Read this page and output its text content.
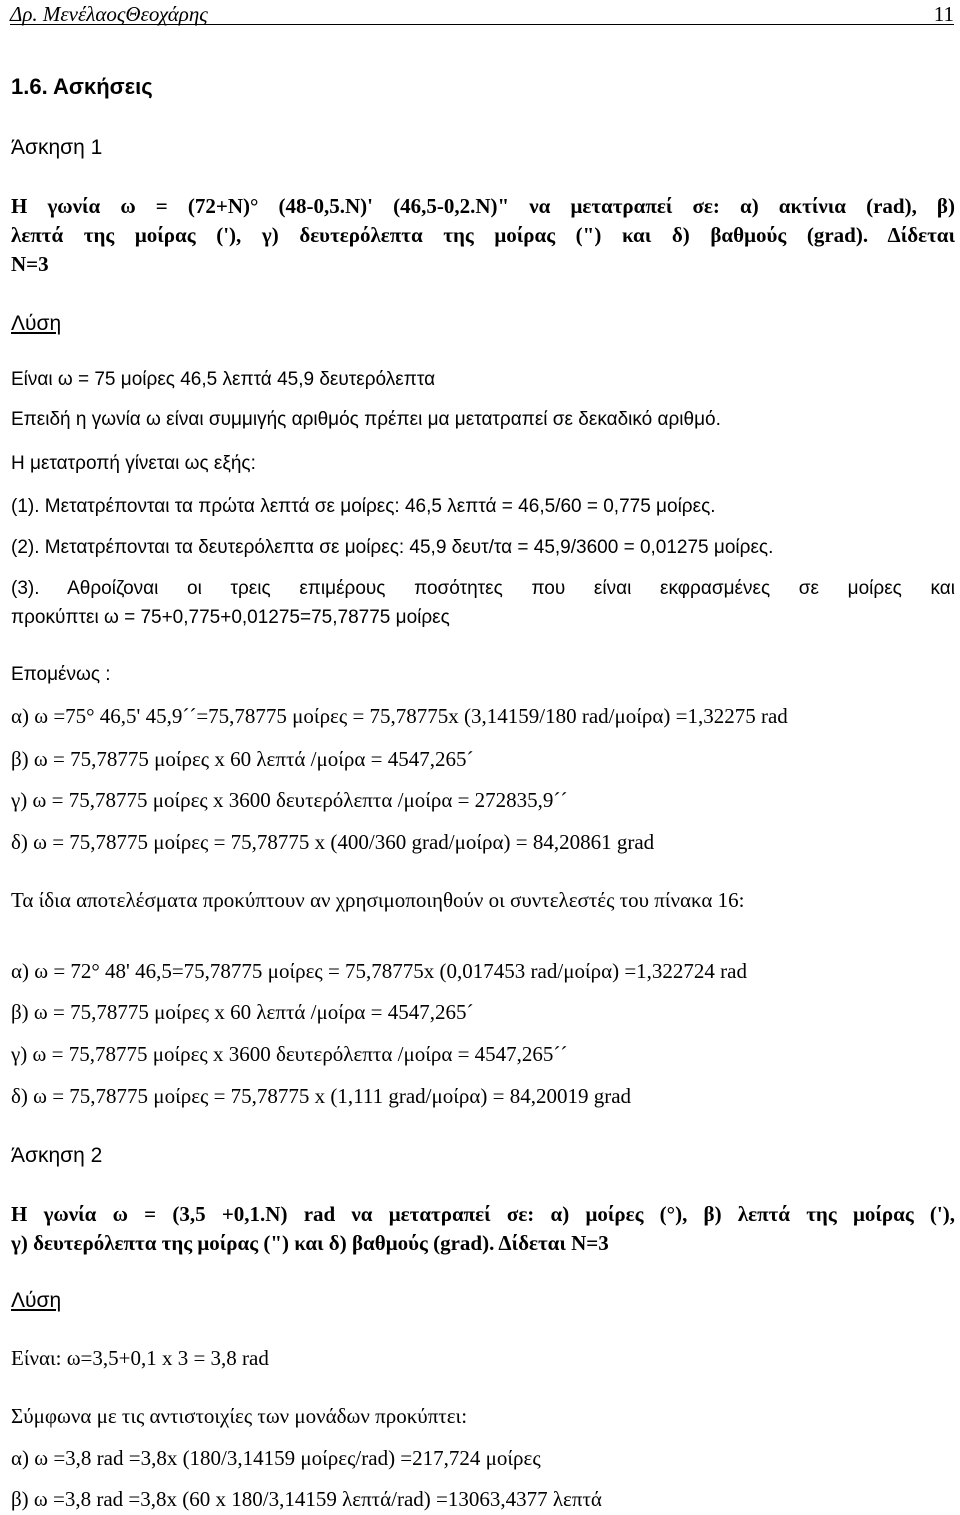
Δρ. ΜενέλαοςΘεοχάρης	11
1.6. Ασκήσεις
Άσκηση 1
Η γωνία ω = (72+Ν)° (48-0,5.Ν)' (46,5-0,2.Ν)" να μετατραπεί σε: α) ακτίνια (rad), β)
λεπτά της μοίρας ('), γ) δευτερόλεπτα της μοίρας (") και δ) βαθμούς (grad). Δίδεται
Ν=3
Λύση
Είναι ω = 75 μοίρες 46,5 λεπτά 45,9 δευτερόλεπτα
Επειδή η γωνία ω είναι συμμιγής αριθμός πρέπει μα μετατραπεί σε δεκαδικό αριθμό.
Η μετατροπή γίνεται ως εξής:
(1). Μετατρέπονται τα πρώτα λεπτά σε μοίρες: 46,5 λεπτά = 46,5/60 = 0,775 μοίρες.
(2). Μετατρέπονται τα δευτερόλεπτα σε μοίρες: 45,9 δευτ/τα = 45,9/3600 = 0,01275 μοίρες.
(3). Αθροίζοναι οι τρεις επιμέρους ποσότητες που είναι εκφρασμένες σε μοίρες και
προκύπτει ω = 75+0,775+0,01275=75,78775 μοίρες
Επομένως :
α) ω =75° 46,5' 45,9´´=75,78775 μοίρες = 75,78775x (3,14159/180 rad/μοίρα) =1,32275 rad
β) ω = 75,78775 μοίρες x 60 λεπτά /μοίρα = 4547,265´
γ) ω = 75,78775 μοίρες x 3600 δευτερόλεπτα /μοίρα = 272835,9´´
δ) ω = 75,78775 μοίρες = 75,78775 x (400/360 grad/μοίρα) = 84,20861 grad
Τα ίδια αποτελέσματα προκύπτουν αν χρησιμοποιηθούν οι συντελεστές του πίνακα 16:
α) ω = 72° 48' 46,5=75,78775 μοίρες = 75,78775x (0,017453 rad/μοίρα) =1,322724 rad
β) ω = 75,78775 μοίρες x 60 λεπτά /μοίρα = 4547,265´
γ) ω = 75,78775 μοίρες x 3600 δευτερόλεπτα /μοίρα = 4547,265´´
δ) ω = 75,78775 μοίρες = 75,78775 x (1,111 grad/μοίρα) = 84,20019 grad
Άσκηση 2
Η γωνία ω = (3,5 +0,1.Ν) rad να μετατραπεί σε: α) μοίρες (°), β) λεπτά της μοίρας ('),
γ) δευτερόλεπτα της μοίρας (") και δ) βαθμούς (grad). Δίδεται Ν=3
Λύση
Είναι: ω=3,5+0,1 x 3 = 3,8 rad
Σύμφωνα με τις αντιστοιχίες των μονάδων προκύπτει:
α) ω =3,8 rad =3,8x (180/3,14159 μοίρες/rad) =217,724 μοίρες
β) ω =3,8 rad =3,8x (60 x 180/3,14159 λεπτά/rad) =13063,4377 λεπτά
